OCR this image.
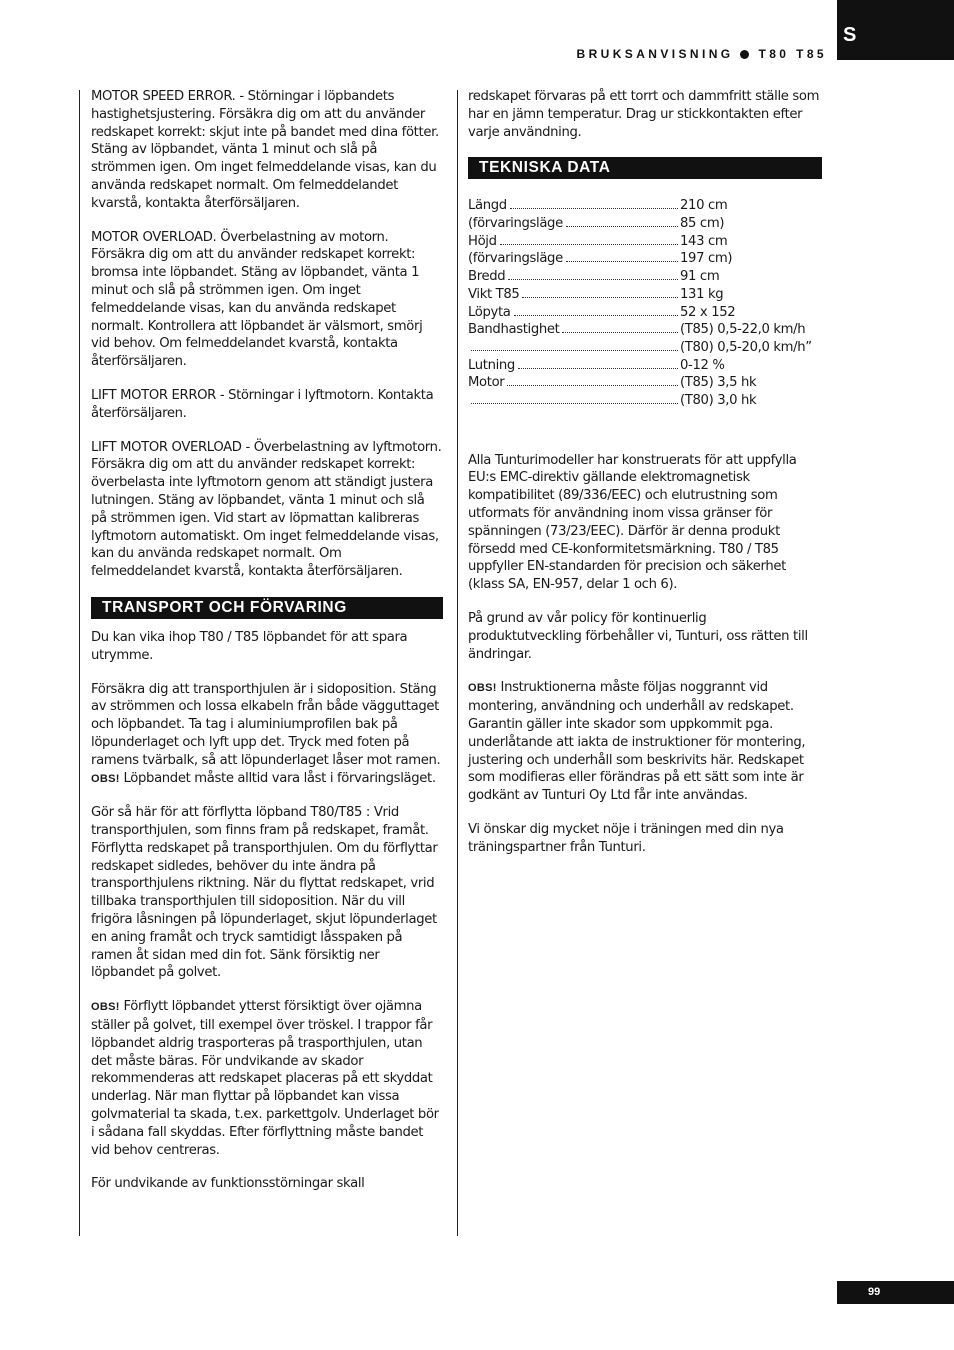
S
BRUKSANVISNING T80 T85

MOTOR SPEED ERROR. - Störningar i löpbandets hastighetsjustering. Försäkra dig om att du använder redskapet korrekt: skjut inte på bandet med dina fötter. Stäng av löpbandet, vänta 1 minut och slå på strömmen igen. Om inget felmeddelande visas, kan du använda redskapet normalt. Om felmeddelandet kvarstå, kontakta återförsäljaren.

MOTOR OVERLOAD. Överbelastning av motorn. Försäkra dig om att du använder redskapet korrekt: bromsa inte löpbandet. Stäng av löpbandet, vänta 1 minut och slå på strömmen igen. Om inget felmeddelande visas, kan du använda redskapet normalt. Kontrollera att löpbandet är välsmort, smörj vid behov. Om felmeddelandet kvarstå, kontakta återförsäljaren.

LIFT MOTOR ERROR - Störningar i lyftmotorn. Kontakta återförsäljaren.

LIFT MOTOR OVERLOAD - Överbelastning av lyftmotorn. Försäkra dig om att du använder redskapet korrekt: överbelasta inte lyftmotorn genom att ständigt justera lutningen. Stäng av löpbandet, vänta 1 minut och slå på strömmen igen. Vid start av löpmattan kalibreras lyftmotorn automatiskt. Om inget felmeddelande visas, kan du använda redskapet normalt. Om felmeddelandet kvarstå, kontakta återförsäljaren.

TRANSPORT OCH FÖRVARING

Du kan vika ihop T80 / T85 löpbandet för att spara utrymme.

Försäkra dig att transporthjulen är i sidoposition. Stäng av strömmen och lossa elkabeln från både vägguttaget och löpbandet. Ta tag i aluminiumprofilen bak på löpunderlaget och lyft upp det. Tryck med foten på ramens tvärbalk, så att löpunderlaget låser mot ramen. OBS! Löpbandet måste alltid vara låst i förvaringsläget.

Gör så här för att förflytta löpband T80/T85 : Vrid transporthjulen, som finns fram på redskapet, framåt. Förflytta redskapet på transporthjulen. Om du förflyttar redskapet sidledes, behöver du inte ändra på transporthjulens riktning. När du flyttat redskapet, vrid tillbaka transporthjulen till sidoposition. När du vill frigöra låsningen på löpunderlaget, skjut löpunderlaget en aning framåt och tryck samtidigt låsspaken på ramen åt sidan med din fot. Sänk försiktig ner löpbandet på golvet.

OBS! Förflytt löpbandet ytterst försiktigt över ojämna ställer på golvet, till exempel över tröskel. I trappor får löpbandet aldrig trasporteras på trasporthjulen, utan det måste bäras. För undvikande av skador rekommenderas att redskapet placeras på ett skyddat underlag. När man flyttar på löpbandet kan vissa golvmaterial ta skada, t.ex. parkettgolv. Underlaget bör i sådana fall skyddas. Efter förflyttning måste bandet vid behov centreras.

För undvikande av funktionsstörningar skall

redskapet förvaras på ett torrt och dammfritt ställe som har en jämn temperatur. Drag ur stickkontakten efter varje användning.

TEKNISKA DATA
Längd	210 cm
(förvaringsläge	85 cm)
Höjd	143 cm
(förvaringsläge	197 cm)
Bredd	91 cm
Vikt T85	131 kg
Löpyta	52 x 152
Bandhastighet	(T85) 0,5-22,0 km/h
(T80) 0,5-20,0 km/h”
Lutning	0-12 %
Motor	(T85) 3,5 hk
(T80) 3,0 hk

Alla Tunturimodeller har konstruerats för att uppfylla EU:s EMC-direktiv gällande elektromagnetisk kompatibilitet (89/336/EEC) och elutrustning som utformats för användning inom vissa gränser för spänningen (73/23/EEC). Därför är denna produkt försedd med CE-konformitetsmärkning. T80 / T85 uppfyller EN-standarden för precision och säkerhet (klass SA, EN-957, delar 1 och 6).

På grund av vår policy för kontinuerlig produktutveckling förbehåller vi, Tunturi, oss rätten till ändringar.

OBS! Instruktionerna måste följas noggrannt vid montering, användning och underhåll av redskapet. Garantin gäller inte skador som uppkommit pga. underlåtande att iakta de instruktioner för montering, justering och underhåll som beskrivits här. Redskapet som modifieras eller förändras på ett sätt som inte är godkänt av Tunturi Oy Ltd får inte användas.

Vi önskar dig mycket nöje i träningen med din nya träningspartner från Tunturi.

99
